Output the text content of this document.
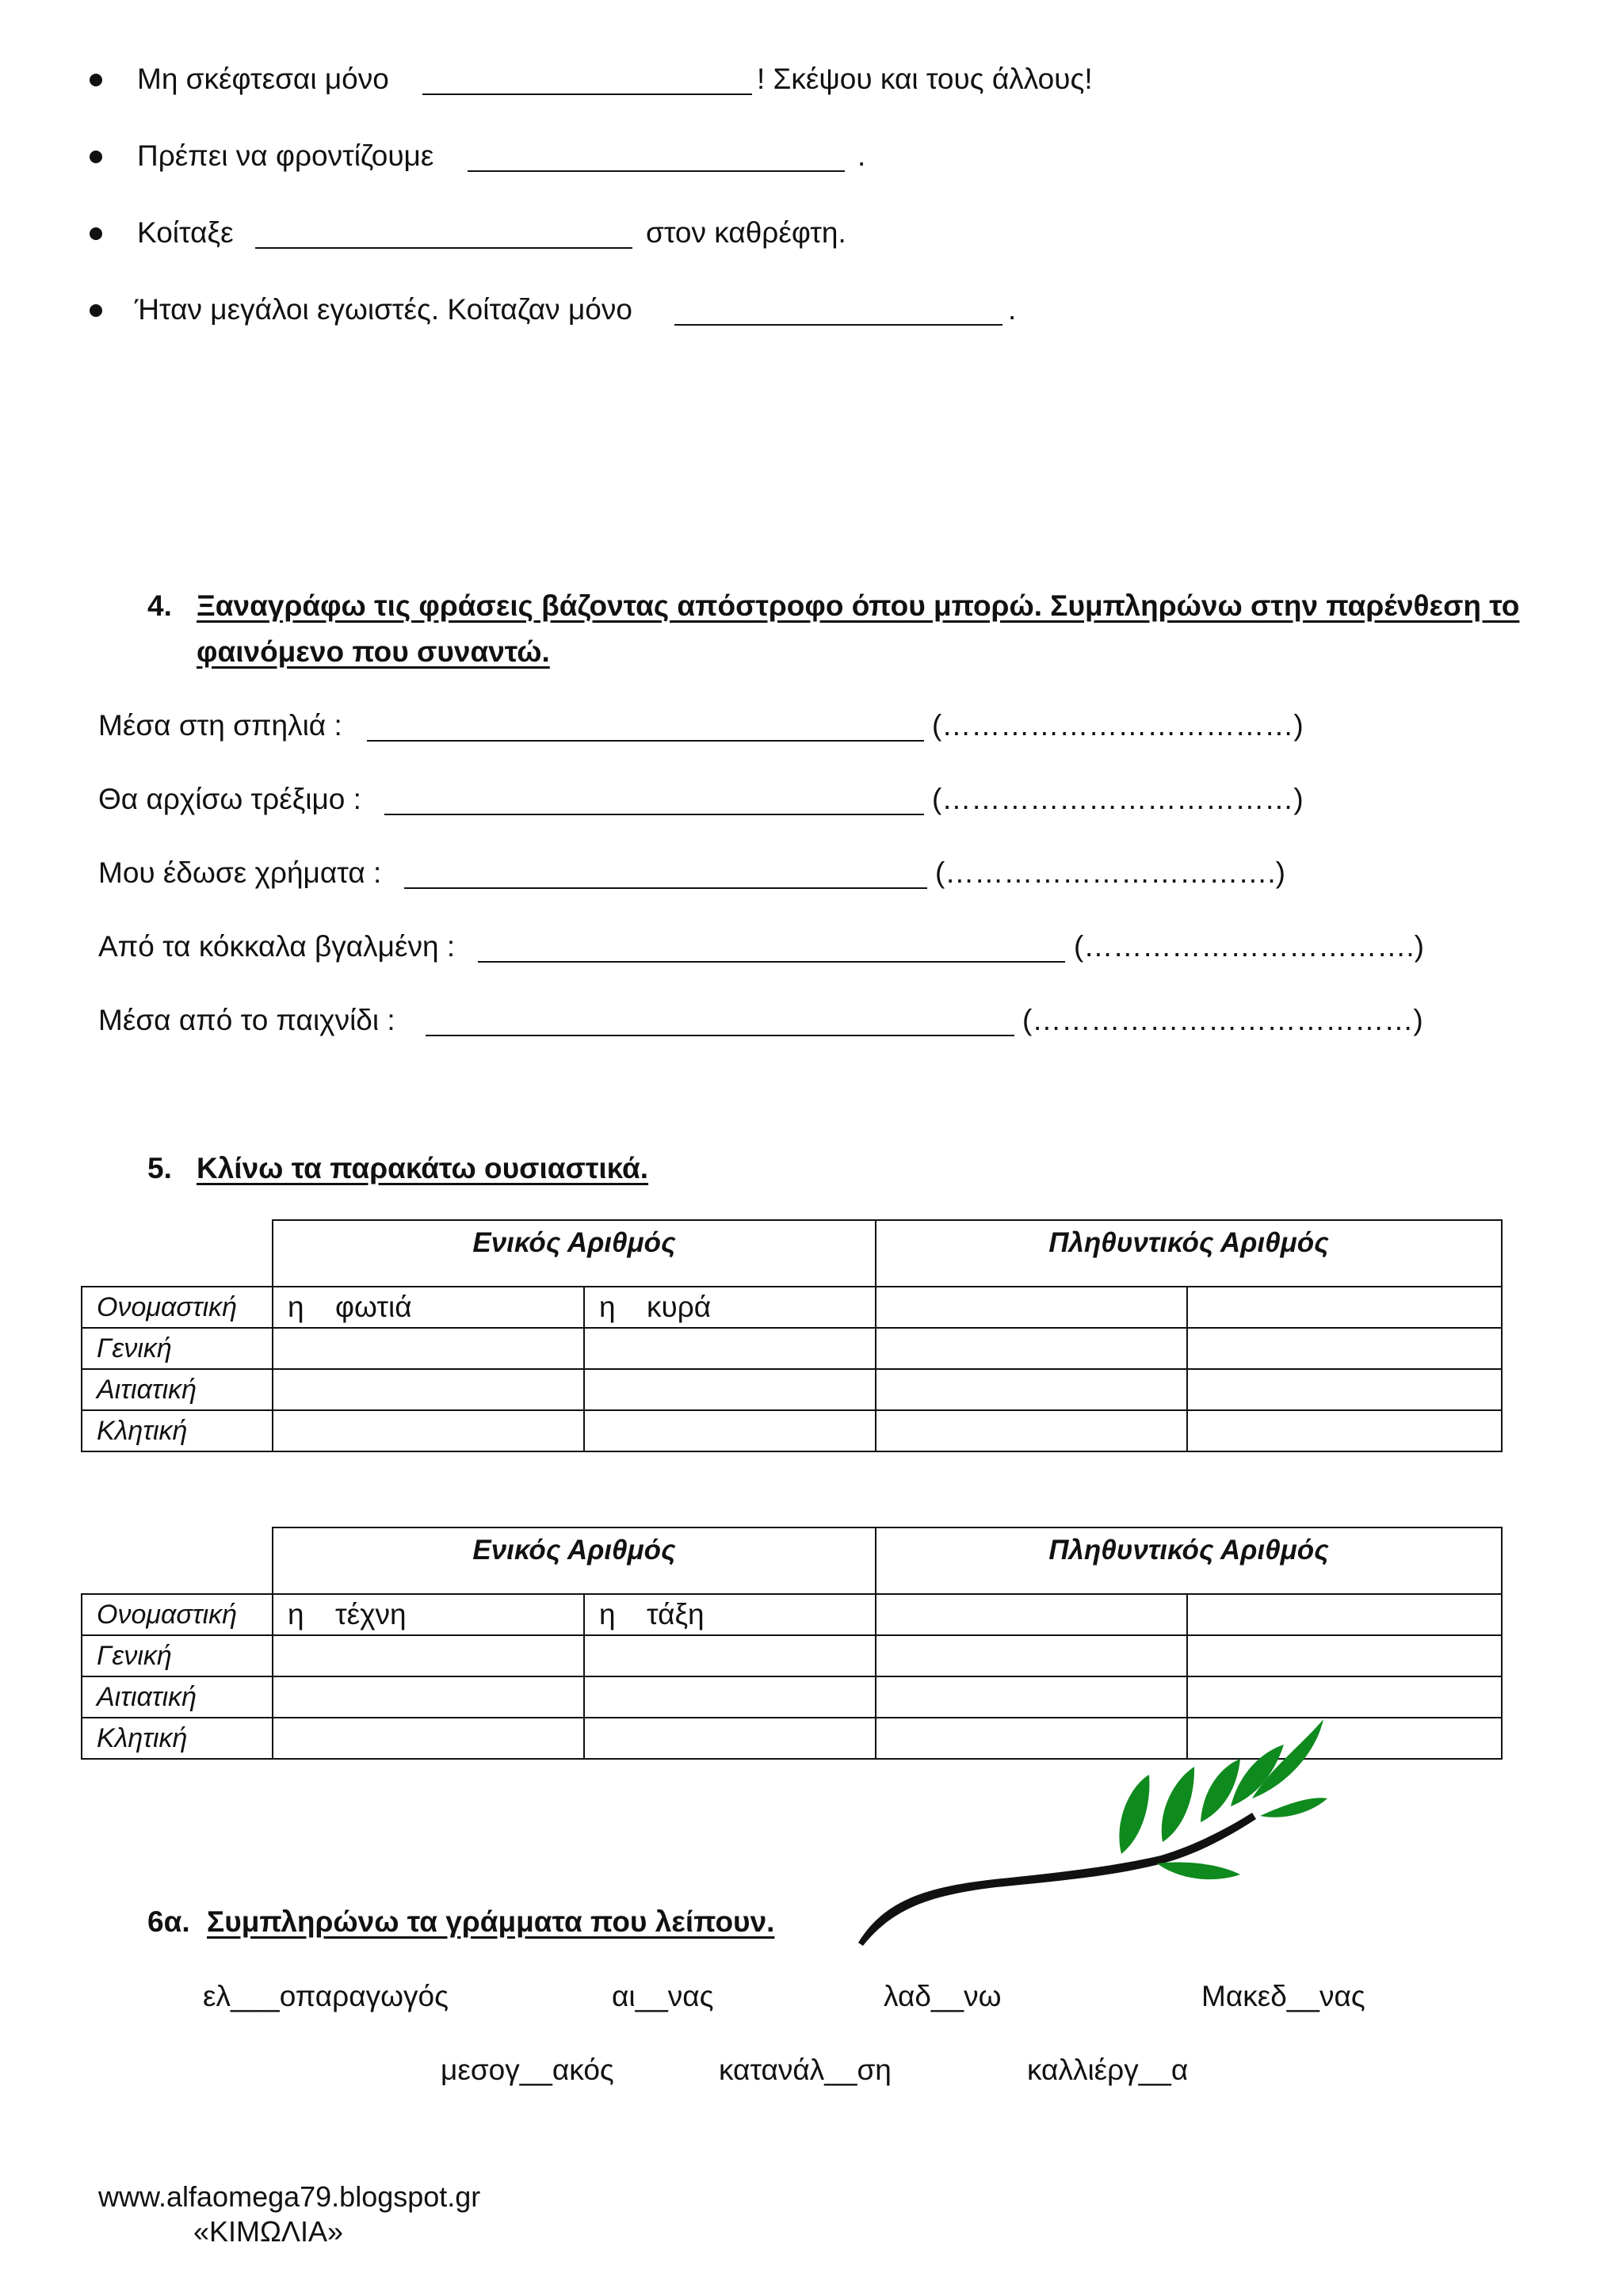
Μη σκέφτεσαι μόνο	! Σκέψου και τους άλλους!
Πρέπει να φροντίζουμε	.
Κοίταξε	στον καθρέφτη.
Ήταν μεγάλοι εγωιστές. Κοίταζαν μόνο	.
4. Ξαναγράφω τις φράσεις βάζοντας απόστροφο όπου μπορώ. Συμπληρώνω στην παρένθεση το
φαινόμενο που συναντώ.
Μέσα στη σπηλιά :	(………………………………)
Θα αρχίσω τρέξιμο :	(………………………………)
Μου έδωσε χρήματα :	(…………………………….)
Από τα κόκκαλα βγαλμένη :	(…………………………….)
Μέσα από το παιχνίδι :	(…………………………………)
5. Κλίνω τα παρακάτω ουσιαστικά.
	Ενικός Αριθμός		Πληθυντικός Αριθμός	
Ονομαστική	η φωτιά	η κυρά		
Γενική				
Αιτιατική				
Κλητική				
	Ενικός Αριθμός		Πληθυντικός Αριθμός	
Ονομαστική	η τέχνη	η τάξη		
Γενική				
Αιτιατική				
Κλητική				
6α. Συμπληρώνω τα γράμματα που λείπουν.
ελ___οπαραγωγός	αι__νας	λαδ__νω	Μακεδ__νας
μεσογ__ακός	κατανάλ__ση	καλλιέργ__α
www.alfaomega79.blogspot.gr
«ΚΙΜΩΛΙΑ»
